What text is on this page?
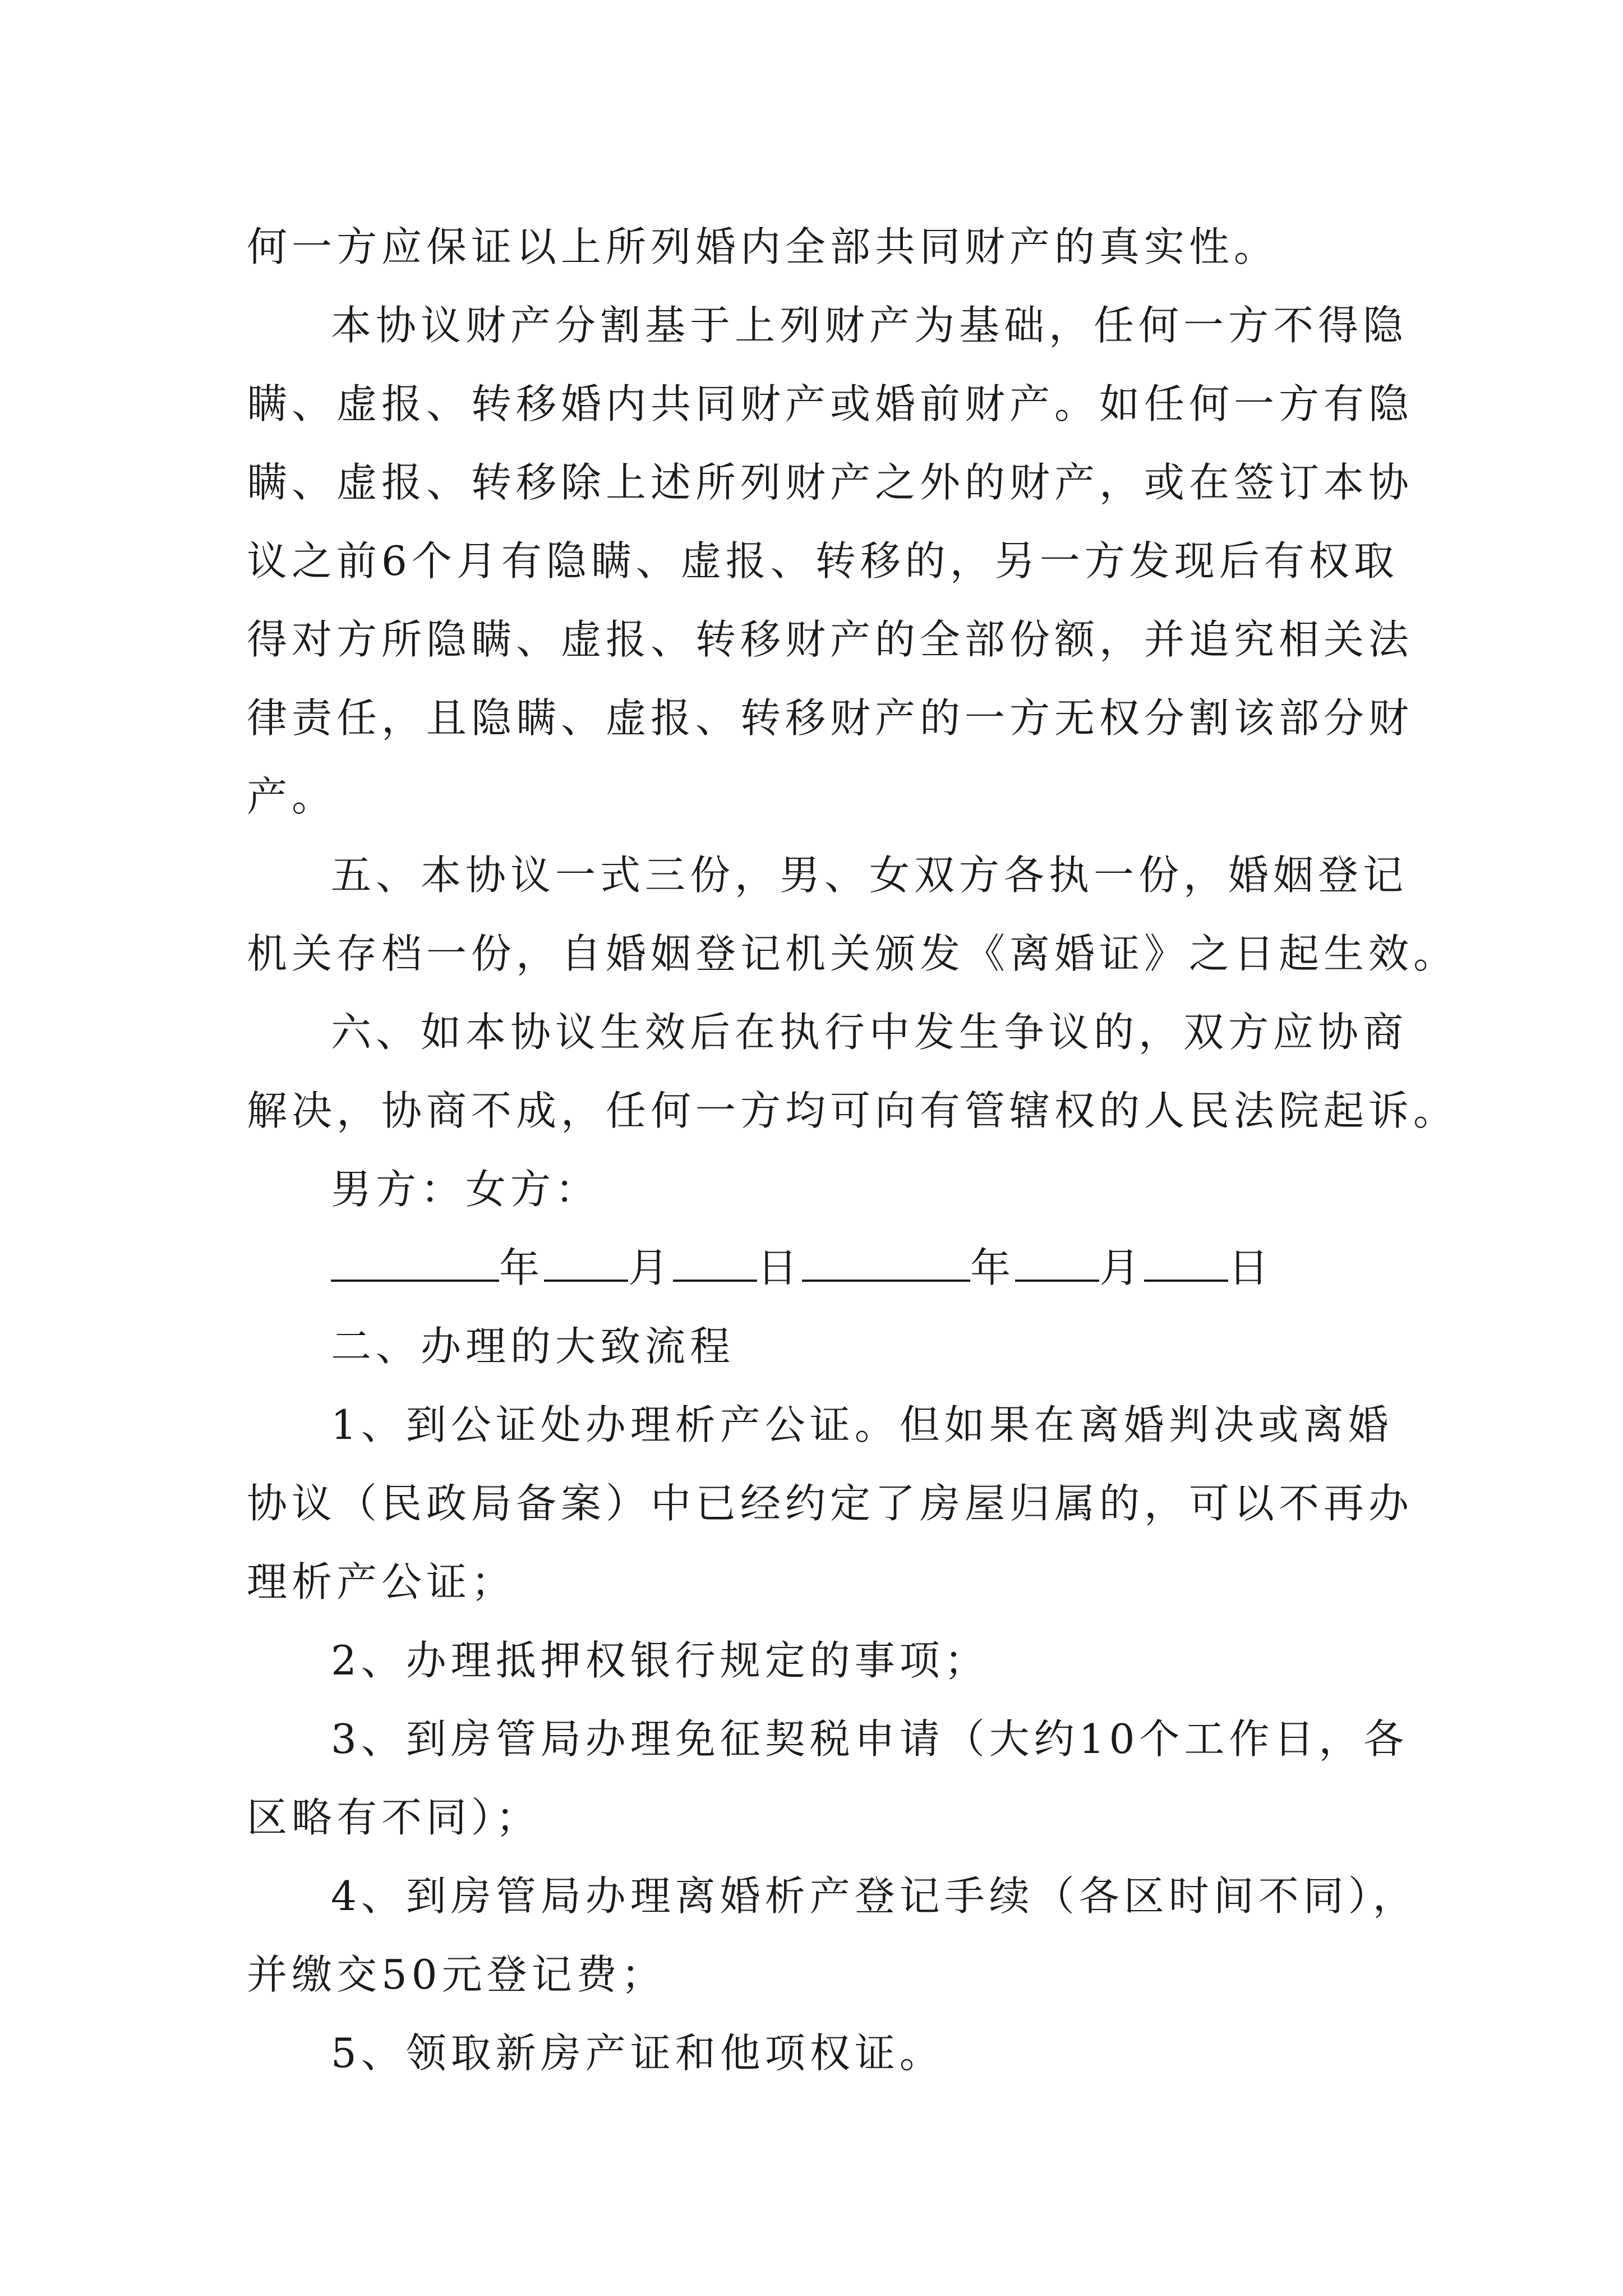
何一方应保证以上所列婚内全部共同财产的真实性。
本协议财产分割基于上列财产为基础，任何一方不得隐
瞒、虚报、转移婚内共同财产或婚前财产。如任何一方有隐
瞒、虚报、转移除上述所列财产之外的财产，或在签订本协
议之前6个月有隐瞒、虚报、转移的，另一方发现后有权取
得对方所隐瞒、虚报、转移财产的全部份额，并追究相关法
律责任，且隐瞒、虚报、转移财产的一方无权分割该部分财
产。
五、本协议一式三份，男、女双方各执一份，婚姻登记
机关存档一份，自婚姻登记机关颁发《离婚证》之日起生效。
六、如本协议生效后在执行中发生争议的，双方应协商
解决，协商不成，任何一方均可向有管辖权的人民法院起诉。
男方：女方：
年 月 日	年 月 日
二、办理的大致流程
1、到公证处办理析产公证。但如果在离婚判决或离婚
协议（民政局备案）中已经约定了房屋归属的，可以不再办
理析产公证；
2、办理抵押权银行规定的事项；
3、到房管局办理免征契税申请（大约10个工作日，各
区略有不同）；
4、到房管局办理离婚析产登记手续（各区时间不同），
并缴交50元登记费；
5、领取新房产证和他项权证。
